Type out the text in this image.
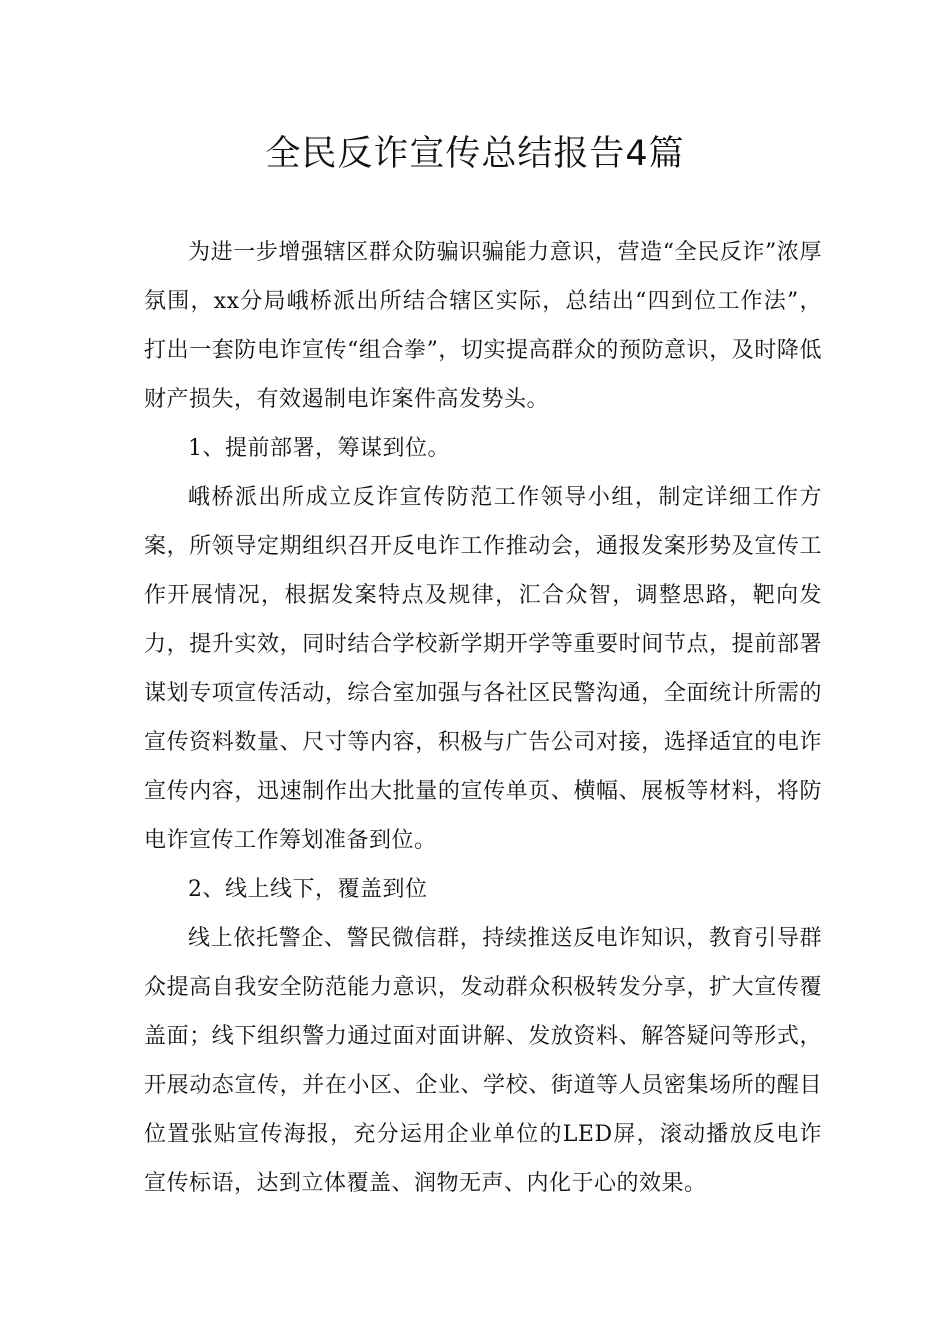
全民反诈宣传总结报告4篇

为进一步增强辖区群众防骗识骗能力意识，营造“全民反诈”浓厚氛围，xx分局峨桥派出所结合辖区实际，总结出“四到位工作法”，打出一套防电诈宣传“组合拳”，切实提高群众的预防意识，及时降低财产损失，有效遏制电诈案件高发势头。

1、提前部署，筹谋到位。

峨桥派出所成立反诈宣传防范工作领导小组，制定详细工作方案，所领导定期组织召开反电诈工作推动会，通报发案形势及宣传工作开展情况，根据发案特点及规律，汇合众智，调整思路，靶向发力，提升实效，同时结合学校新学期开学等重要时间节点，提前部署谋划专项宣传活动，综合室加强与各社区民警沟通，全面统计所需的宣传资料数量、尺寸等内容，积极与广告公司对接，选择适宜的电诈宣传内容，迅速制作出大批量的宣传单页、横幅、展板等材料，将防电诈宣传工作筹划准备到位。

2、线上线下，覆盖到位

线上依托警企、警民微信群，持续推送反电诈知识，教育引导群众提高自我安全防范能力意识，发动群众积极转发分享，扩大宣传覆盖面；线下组织警力通过面对面讲解、发放资料、解答疑问等形式，开展动态宣传，并在小区、企业、学校、街道等人员密集场所的醒目位置张贴宣传海报，充分运用企业单位的LED屏，滚动播放反电诈宣传标语，达到立体覆盖、润物无声、内化于心的效果。
